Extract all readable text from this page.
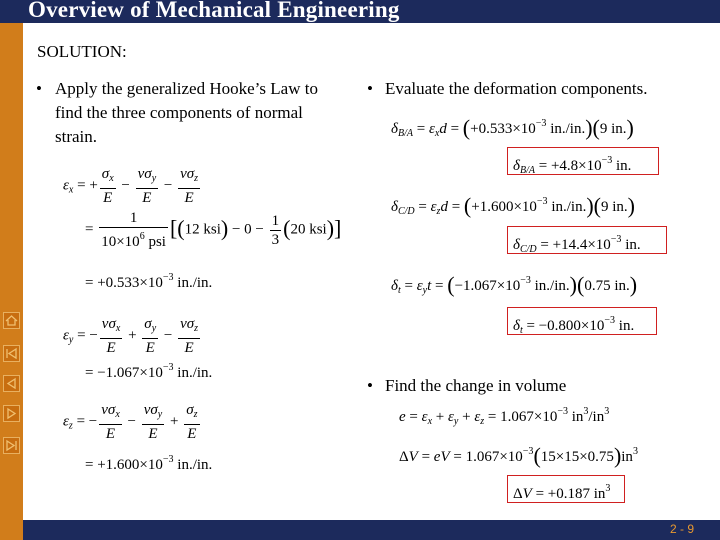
Overview of Mechanical Engineering
SOLUTION:
• Apply the generalized Hooke’s Law to
find the three components of normal
strain.
$\varepsilon_x$ = + $\frac{\sigma_x}{E} - \frac{\nu\sigma_y}{E} - \frac{\nu\sigma_z}{E}$
= $\frac{1}{10\times 10^6 psi} [(12$ $ksi) - 0 - \frac{1}{3} (20$ ksi)]
= $+0.533\times 10^{-3}$ in./in.
$\varepsilon_y$ = − $\frac{\nu\sigma_x}{E} + \frac{\sigma_y}{E} - \frac{\nu\sigma_z}{E}$
= $-1.067\times 10^{-3}$ in./in.
$\varepsilon_z$ = − $\frac{\nu\sigma_x}{E} - \frac{\nu\sigma_y}{E} + \frac{\sigma_z}{E}$
= $+1.600\times 10^{-3}$ in./in.
• Evaluate the deformation components.
$\delta_{B/A} = \varepsilon_xd = (+0.533\times 10^{-3}$ in./in.)(9 in.)
$\delta_{B/A} = +4.8\times 10^{-3}$ in.
$\delta_{C/D} = \varepsilon_zd = (+1.600\times 10^{-3}$ in./in.)(9 in.)
$\delta_{C/D} = +14.4\times 10^{-3}$ in.
$\delta_t = \varepsilon_yt = (-1.067\times 10^{-3}$ in./in.)(0.75 in.)
$\delta_t = -0.800\times 10^{-3}$ in.
• Find the change in volume
$e = \varepsilon_x + \varepsilon_y + \varepsilon_z = 1.067\times 10^{-3}$ $in^3/in^3$
ΔV = eV = $1.067\times 10^{-3}(15\times 15\times 0.75)in^3$
ΔV = +0.187 $in^3$
2 - 9
